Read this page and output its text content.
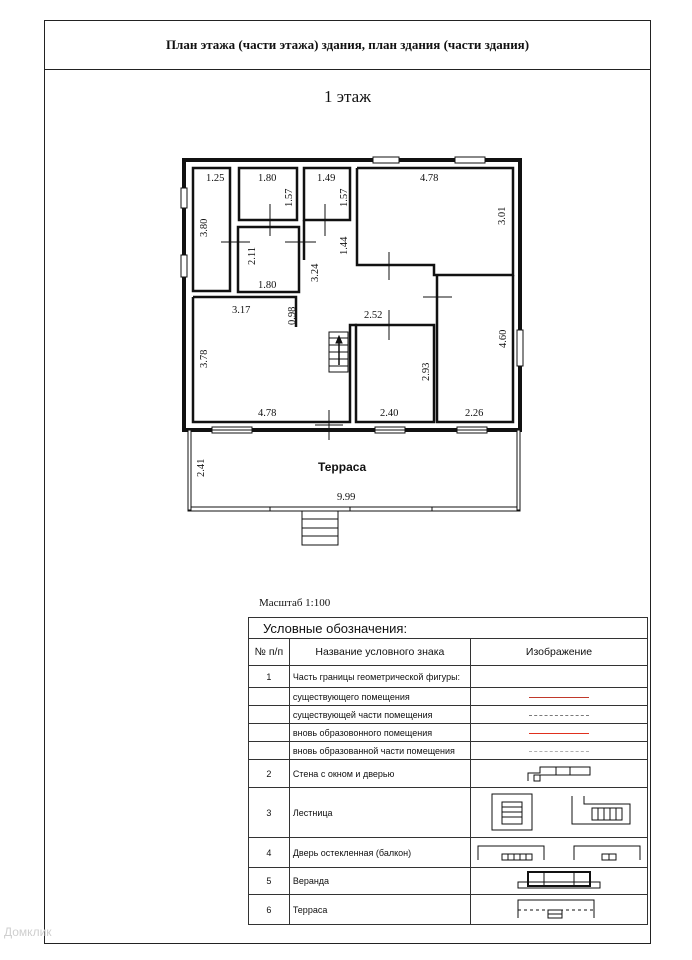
План этажа (части этажа) здания, план здания (части здания)
1 этаж
1.25	1.80
1.57
1.49
1.57
4.78
3.80
2.11
1.44
3.01
3.24
1.80
3.17	0.98	2.52
4.60
3.78
2.93
4.78	2.40	2.26
2.41
9.99
Терраса
Масштаб 1:100
Условные обозначения:		
№ п/п	Название условного знака	Изображение
1	Часть границы геометрической фигуры:	
	существующего помещения	
	существующей части помещения	
	вновь образовонного помещения	
	вновь образованной части помещения	
2	Стена с окном и дверью	
3	Лестница	
4	Дверь остекленная (балкон)	
5	Веранда	
6	Терраса	
Домклик
